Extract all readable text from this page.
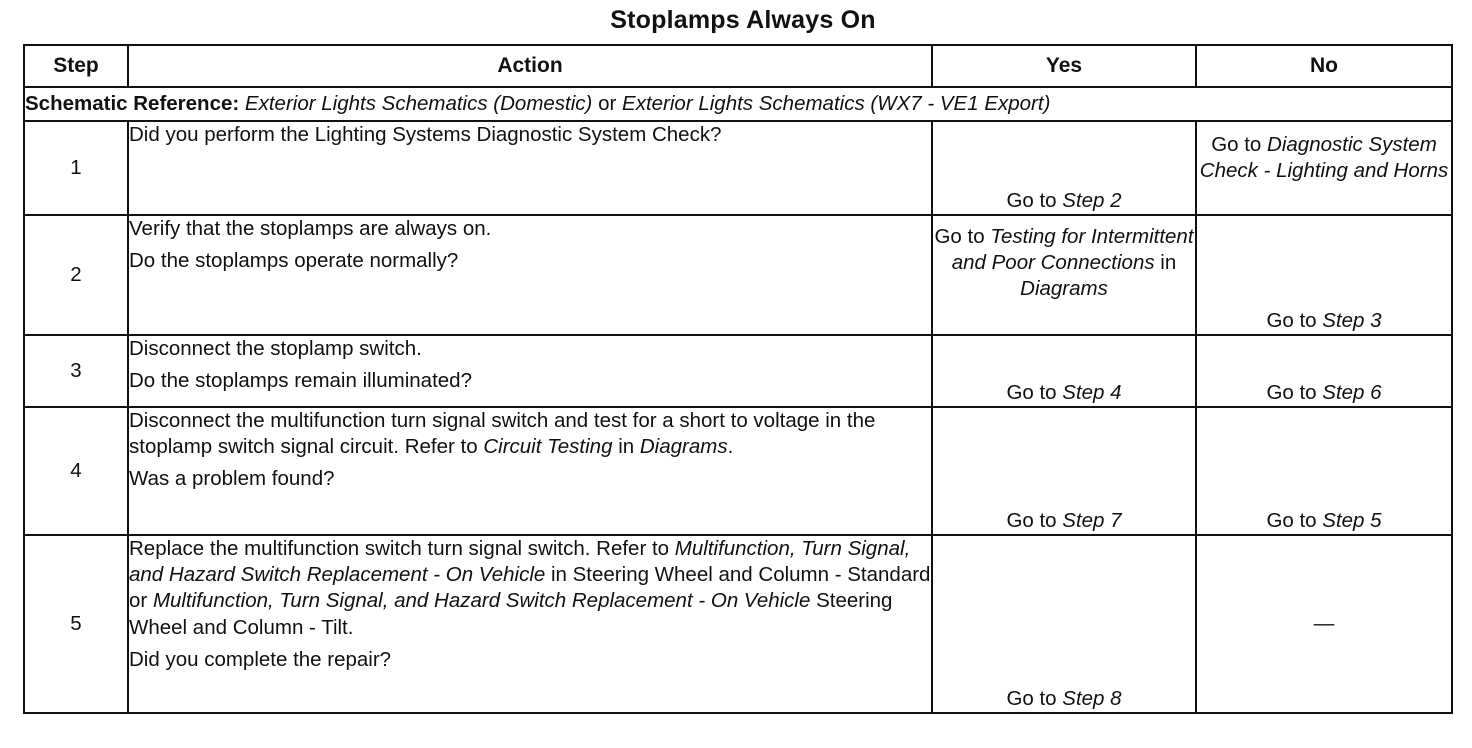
Stoplamps Always On
Step	Action	Yes	No
Schematic Reference: Exterior Lights Schematics (Domestic) or Exterior Lights Schematics (WX7 - VE1 Export)			
1	Did you perform the Lighting Systems Diagnostic System Check?	Go to Step 2	Go to Diagnostic System Check - Lighting and Horns
2	Verify that the stoplamps are always on.

Do the stoplamps operate normally?	Go to Testing for Intermittent and Poor Connections in Diagrams	Go to Step 3
3	Disconnect the stoplamp switch.

Do the stoplamps remain illuminated?	Go to Step 4	Go to Step 6
4	Disconnect the multifunction turn signal switch and test for a short to voltage in the stoplamp switch signal circuit. Refer to Circuit Testing in Diagrams.

Was a problem found?	Go to Step 7	Go to Step 5
5	Replace the multifunction switch turn signal switch. Refer to Multifunction, Turn Signal, and Hazard Switch Replacement - On Vehicle in Steering Wheel and Column - Standard or Multifunction, Turn Signal, and Hazard Switch Replacement - On Vehicle Steering Wheel and Column - Tilt.

Did you complete the repair?	Go to Step 8	—
